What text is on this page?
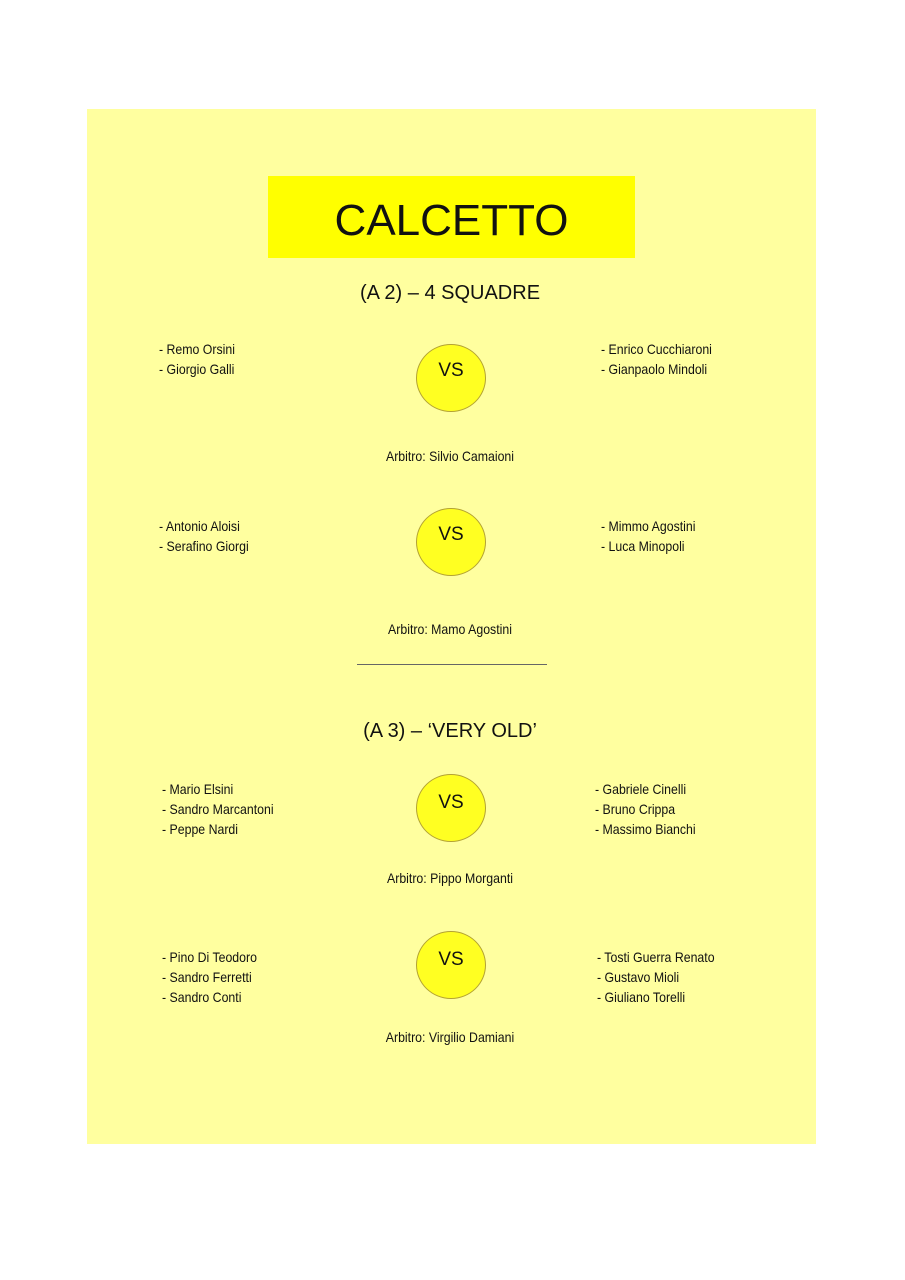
CALCETTO
(A 2) – 4 SQUADRE
- Remo Orsini
- Giorgio Galli	VS
- Enrico Cucchiaroni
- Gianpaolo Mindoli
Arbitro: Silvio Camaioni
- Antonio Aloisi
- Serafino Giorgi
VS	- Mimmo Agostini
- Luca Minopoli
Arbitro: Mamo Agostini
(A 3) – ‘VERY OLD’
- Mario Elsini
- Sandro Marcantoni
- Peppe Nardi
VS
- Gabriele Cinelli
- Bruno Crippa
- Massimo Bianchi
Arbitro: Pippo Morganti
- Pino Di Teodoro
- Sandro Ferretti
- Sandro Conti
VS	- Tosti Guerra Renato
- Gustavo Mioli
- Giuliano Torelli
Arbitro: Virgilio Damiani
